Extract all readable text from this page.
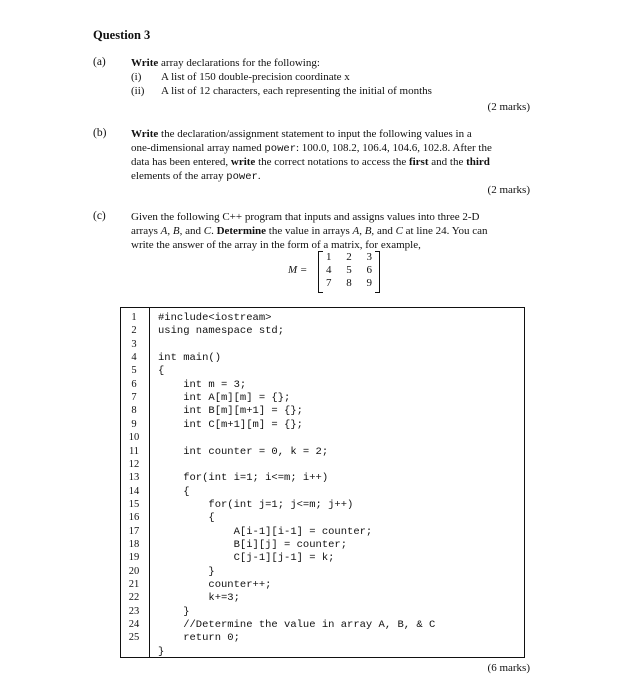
Question 3
(a) Write array declarations for the following:
(i) A list of 150 double-precision coordinate x
(ii) A list of 12 characters, each representing the initial of months
(2 marks)
(b) Write the declaration/assignment statement to input the following values in a
one-dimensional array named power: 100.0, 108.2, 106.4, 104.6, 102.8. After the
data has been entered, write the correct notations to access the first and the third
elements of the array power.
(2 marks)
(c) Given the following C++ program that inputs and assigns values into three 2-D
arrays A, B, and C. Determine the value in arrays A, B, and C at line 24. You can
write the answer of the array in the form of a matrix, for example,
M =
1 2 3
4 5 6
7 8 9
1
2
3
4
5
6
7
8
9
10
11
12
13
14
15
16
17
18
19
20
21
22
23
24
25
#include<iostream>
using namespace std;
int main()
{
int m = 3;
int A[m][m] = {};
int B[m][m+1] = {};
int C[m+1][m] = {};
int counter = 0, k = 2;
for(int i=1; i<=m; i++)
{
for(int j=1; j<=m; j++)
{
A[i-1][i-1] = counter;
B[i][j] = counter;
C[j-1][j-1] = k;
}
counter++;
k+=3;
}
//Determine the value in array A, B, & C
return 0;
}
(6 marks)
